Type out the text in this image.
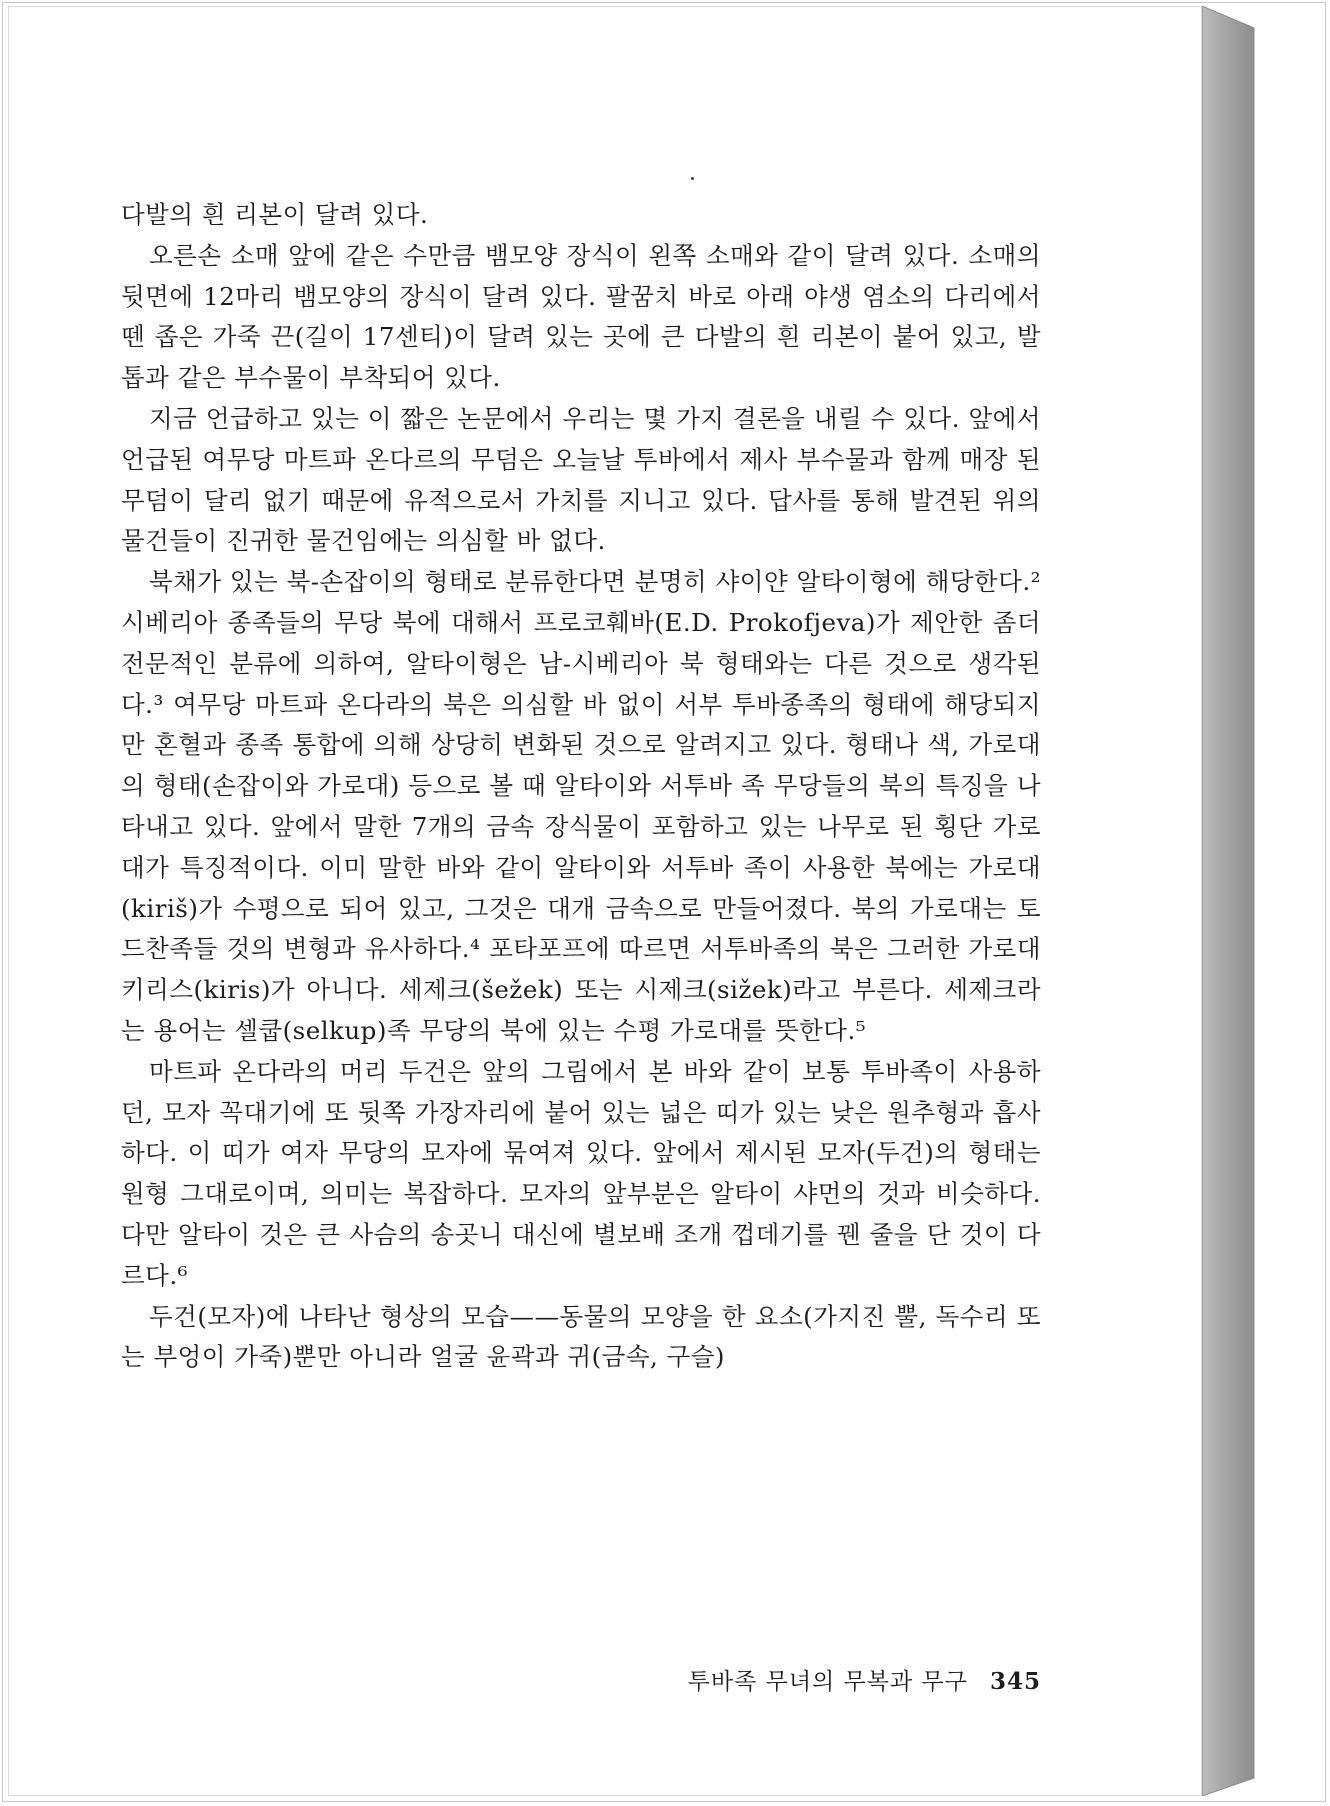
다발의 흰 리본이 달려 있다.

오른손 소매 앞에 같은 수만큼 뱀모양 장식이 왼쪽 소매와 같이 달려 있다. 소매의 뒷면에 12마리 뱀모양의 장식이 달려 있다. 팔꿈치 바로 아래 야생 염소의 다리에서 뗀 좁은 가죽 끈(길이 17센티)이 달려 있는 곳에 큰 다발의 흰 리본이 붙어 있고, 발톱과 같은 부수물이 부착되어 있다.

지금 언급하고 있는 이 짧은 논문에서 우리는 몇 가지 결론을 내릴 수 있다. 앞에서 언급된 여무당 마트파 온다르의 무덤은 오늘날 투바에서 제사 부수물과 함께 매장 된 무덤이 달리 없기 때문에 유적으로서 가치를 지니고 있다. 답사를 통해 발견된 위의 물건들이 진귀한 물건임에는 의심할 바 없다.

북채가 있는 북-손잡이의 형태로 분류한다면 분명히 샤이얀 알타이형에 해당한다.² 시베리아 종족들의 무당 북에 대해서 프로코훼바(E.D. Prokofjeva)가 제안한 좀더 전문적인 분류에 의하여, 알타이형은 남-시베리아 북 형태와는 다른 것으로 생각된다.³ 여무당 마트파 온다라의 북은 의심할 바 없이 서부 투바종족의 형태에 해당되지만 혼혈과 종족 통합에 의해 상당히 변화된 것으로 알려지고 있다. 형태나 색, 가로대의 형태(손잡이와 가로대) 등으로 볼 때 알타이와 서투바 족 무당들의 북의 특징을 나타내고 있다. 앞에서 말한 7개의 금속 장식물이 포함하고 있는 나무로 된 횡단 가로대가 특징적이다. 이미 말한 바와 같이 알타이와 서투바 족이 사용한 북에는 가로대(kiriš)가 수평으로 되어 있고, 그것은 대개 금속으로 만들어졌다. 북의 가로대는 토드찬족들 것의 변형과 유사하다.⁴ 포타포프에 따르면 서투바족의 북은 그러한 가로대 키리스(kiris)가 아니다. 세제크(šežek) 또는 시제크(sižek)라고 부른다. 세제크라는 용어는 셀쿱(selkup)족 무당의 북에 있는 수평 가로대를 뜻한다.⁵

마트파 온다라의 머리 두건은 앞의 그림에서 본 바와 같이 보통 투바족이 사용하던, 모자 꼭대기에 또 뒷쪽 가장자리에 붙어 있는 넓은 띠가 있는 낮은 원추형과 흡사하다. 이 띠가 여자 무당의 모자에 묶여져 있다. 앞에서 제시된 모자(두건)의 형태는 원형 그대로이며, 의미는 복잡하다. 모자의 앞부분은 알타이 샤먼의 것과 비슷하다. 다만 알타이 것은 큰 사슴의 송곳니 대신에 별보배 조개 껍데기를 꿴 줄을 단 것이 다르다.⁶

두건(모자)에 나타난 형상의 모습——동물의 모양을 한 요소(가지진 뿔, 독수리 또는 부엉이 가죽)뿐만 아니라 얼굴 윤곽과 귀(금속, 구슬)

투바족 무녀의 무복과 무구 345
